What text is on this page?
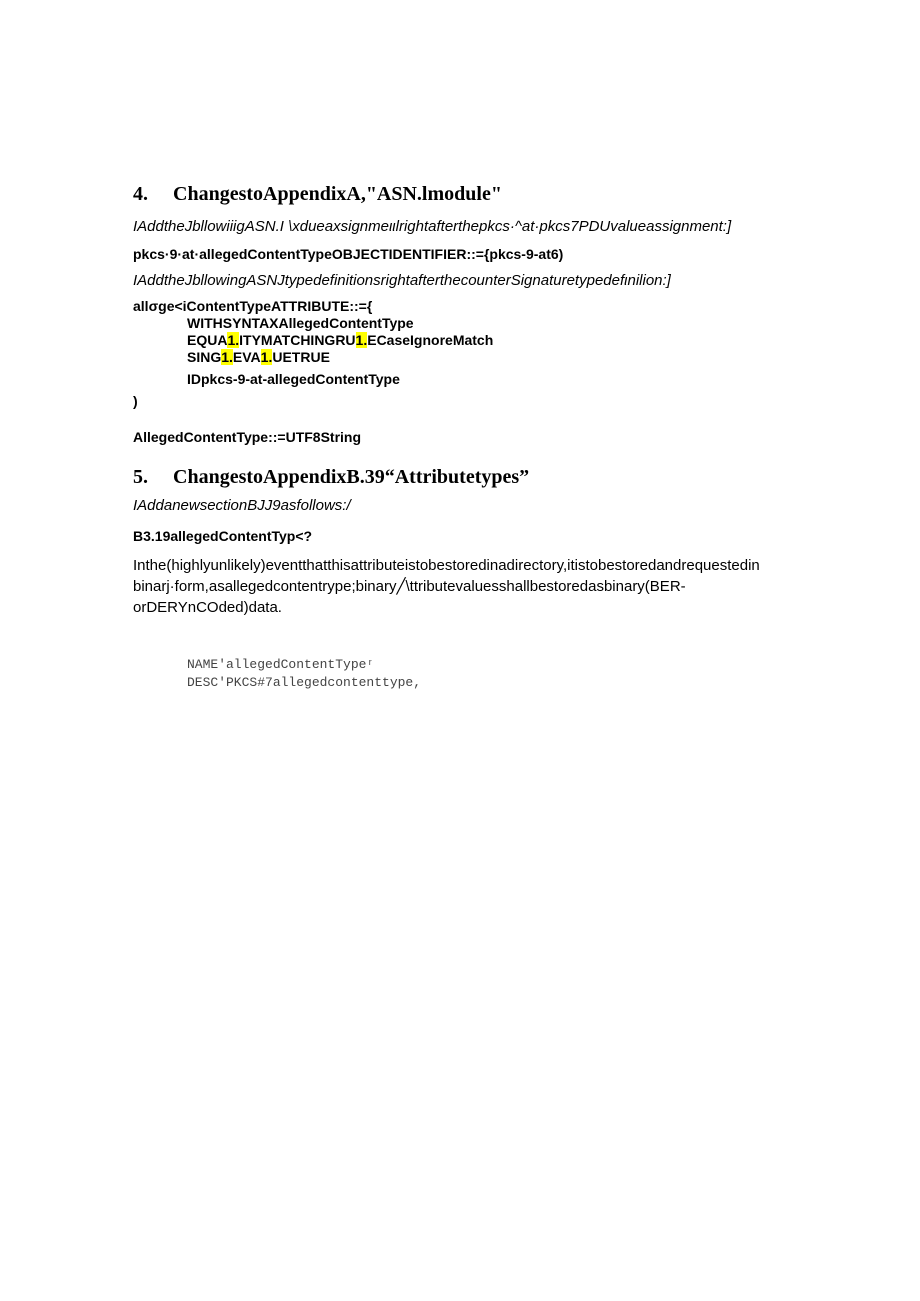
4. ChangestoAppendixA,"ASN.lmodule"
IAddtheJbllowiiigASN.I \xdueaxsignmeιιlrightafterthepkcs·^at·pkcs7PDUvalueassignment:]
pkcs·9·at·allegedContentTypeOBJECTIDENTIFIER::={pkcs-9-at6)
IAddtheJbllowingASNJtypedefinitionsrightafterthecounterSignaturetypedefιnilion:]
allσge<iContentTypeATTRIBUTE::={
WITHSYNTAXAllegedContentType
EQUA1.ITYMATCHINGRU1.ECaseIgnoreMatch
SING1.EVA1.UETRUE
IDpkcs-9-at-allegedContentType
)
AllegedContentType::=UTF8String
5. ChangestoAppendixB.39“Attributetypes”
IAddanewsectionBJJ9asfollows:/
B3.19allegedContentTyp<?
Inthe(highlyunlikely)eventthatthisattributeistobestoredinadirectory,itistobestoredandrequestedin
binarj·form,asallegedcontentrype;binary╱\ttributevaluesshallbestoredasbinary(BER-
orDERYnCOded)data.
NAME'allegedContentTypeʳ
DESC'PKCS#7allegedcontenttype,
